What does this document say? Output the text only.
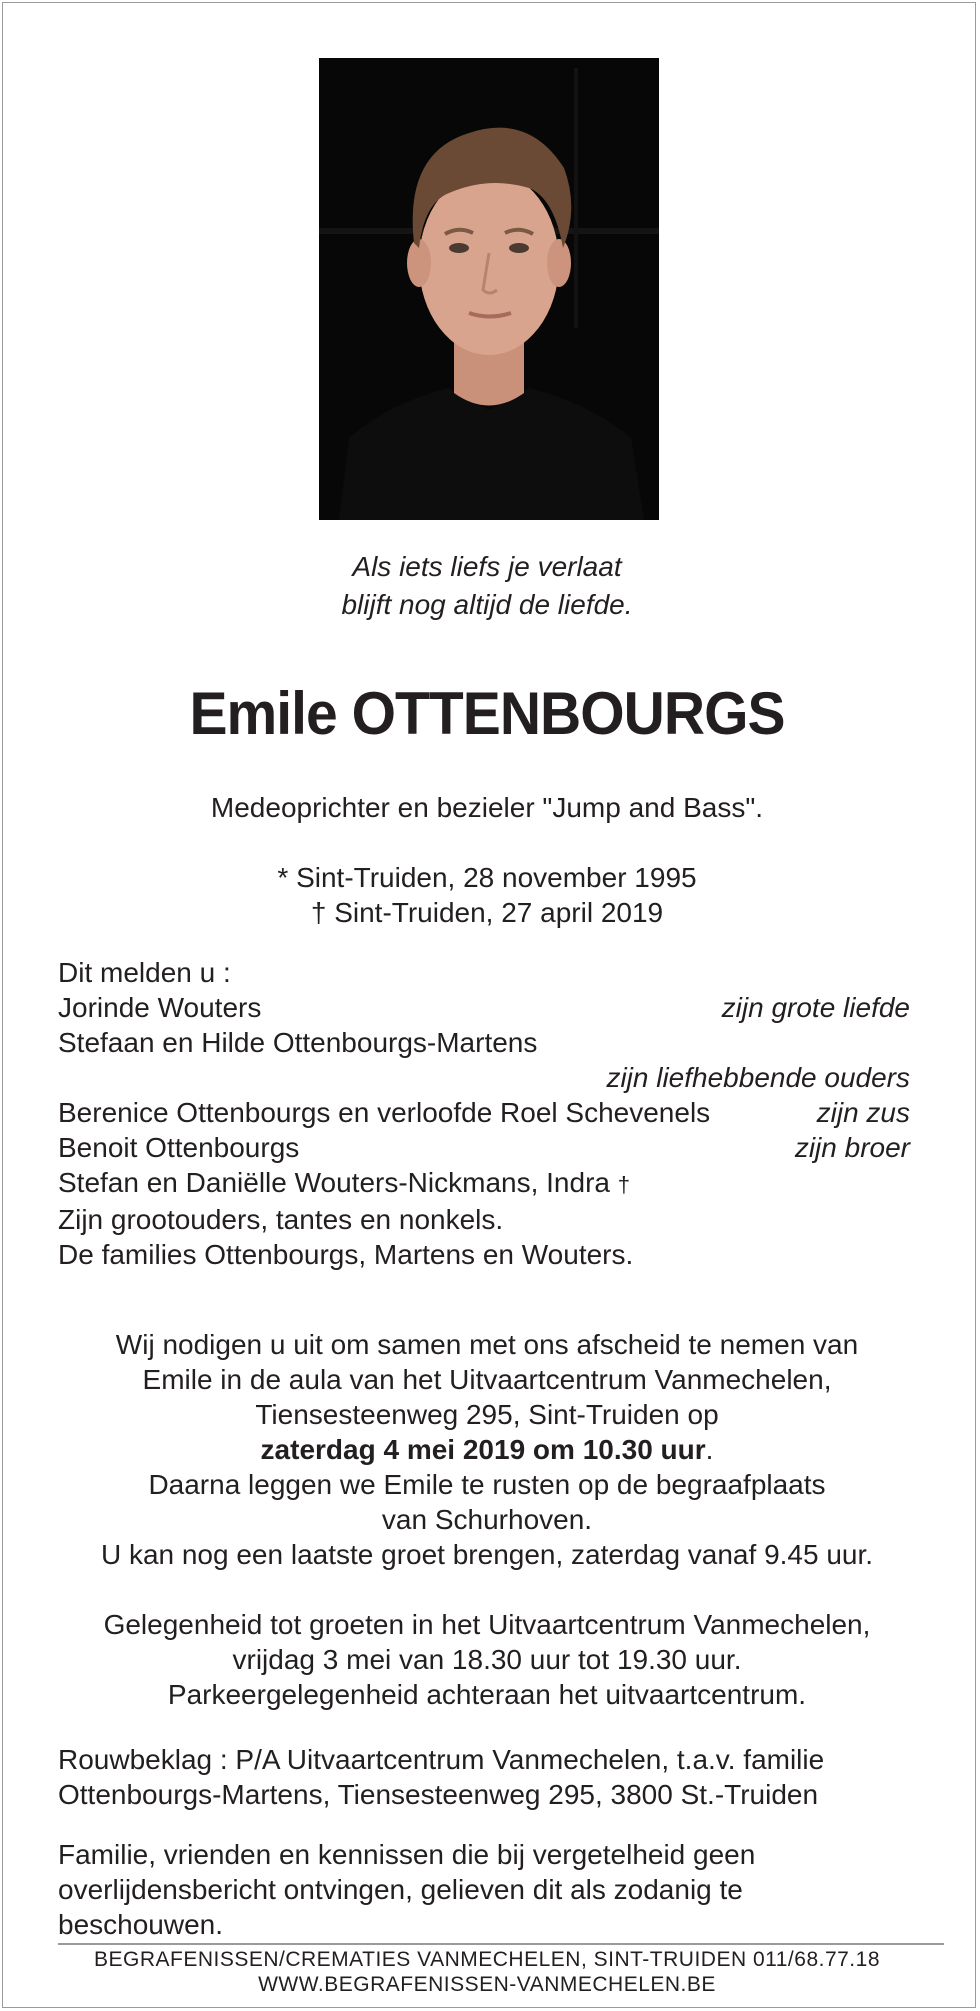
Als iets liefs je verlaat
blijft nog altijd de liefde.
Emile OTTENBOURGS
Medeoprichter en bezieler "Jump and Bass".
* Sint-Truiden, 28 november 1995
† Sint-Truiden, 27 april 2019
Dit melden u :
Jorinde Wouters	zijn grote liefde
Stefaan en Hilde Ottenbourgs-Martens
zijn liefhebbende ouders
Berenice Ottenbourgs en verloofde Roel Schevenels	zijn zus
Benoit Ottenbourgs	zijn broer
Stefan en Daniëlle Wouters-Nickmans, Indra †
Zijn grootouders, tantes en nonkels.
De families Ottenbourgs, Martens en Wouters.
Wij nodigen u uit om samen met ons afscheid te nemen van
Emile in de aula van het Uitvaartcentrum Vanmechelen,
Tiensesteenweg 295, Sint-Truiden op
zaterdag 4 mei 2019 om 10.30 uur.
Daarna leggen we Emile te rusten op de begraafplaats
van Schurhoven.
U kan nog een laatste groet brengen, zaterdag vanaf 9.45 uur.
Gelegenheid tot groeten in het Uitvaartcentrum Vanmechelen,
vrijdag 3 mei van 18.30 uur tot 19.30 uur.
Parkeergelegenheid achteraan het uitvaartcentrum.
Rouwbeklag : P/A Uitvaartcentrum Vanmechelen, t.a.v. familie
Ottenbourgs-Martens, Tiensesteenweg 295, 3800 St.-Truiden
Familie, vrienden en kennissen die bij vergetelheid geen
overlijdensbericht ontvingen, gelieven dit als zodanig te
beschouwen.
BEGRAFENISSEN/CREMATIES VANMECHELEN, SINT-TRUIDEN 011/68.77.18
WWW.BEGRAFENISSEN-VANMECHELEN.BE
